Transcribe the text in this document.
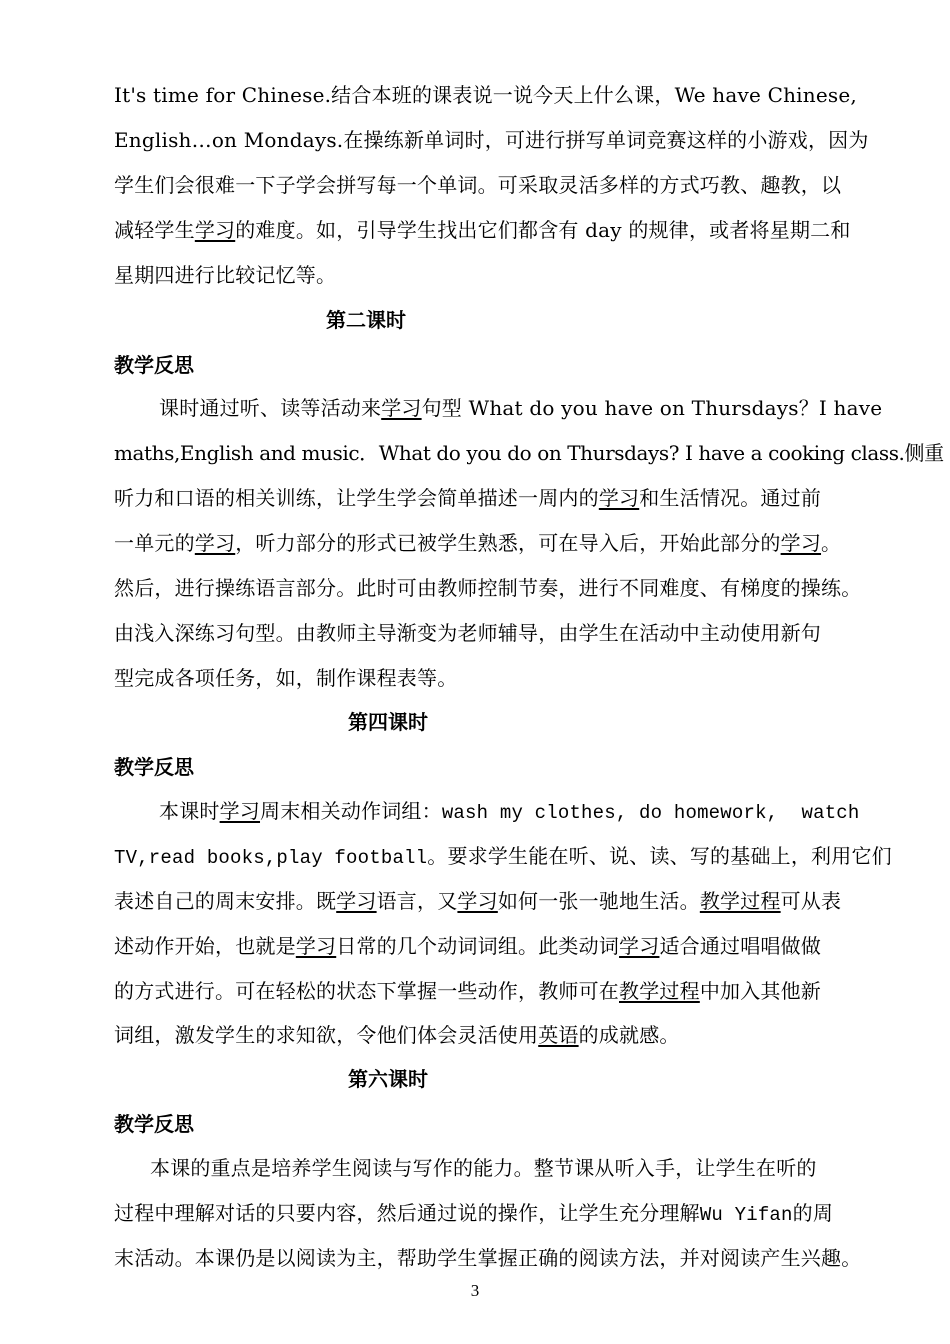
It's time for Chinese.结合本班的课表说一说今天上什么课，We have Chinese,
English…on Mondays.在操练新单词时，可进行拼写单词竞赛这样的小游戏，因为
学生们会很难一下子学会拼写每一个单词。可采取灵活多样的方式巧教、趣教，以
减轻学生学习的难度。如，引导学生找出它们都含有 day 的规律，或者将星期二和
星期四进行比较记忆等。
第二课时
教学反思
课时通过听、读等活动来学习句型 What do you have on Thursdays？I have
maths,English and music．What do you do on Thursdays? I have a cooking class.侧重
听力和口语的相关训练，让学生学会简单描述一周内的学习和生活情况。通过前
一单元的学习，听力部分的形式已被学生熟悉，可在导入后，开始此部分的学习。
然后，进行操练语言部分。此时可由教师控制节奏，进行不同难度、有梯度的操练。
由浅入深练习句型。由教师主导渐变为老师辅导，由学生在活动中主动使用新句
型完成各项任务，如，制作课程表等。
第四课时
教学反思
本课时学习周末相关动作词组：wash my clothes, do homework,  watch
TV,read books,play football。要求学生能在听、说、读、写的基础上，利用它们
表述自己的周末安排。既学习语言，又学习如何一张一驰地生活。教学过程可从表
述动作开始，也就是学习日常的几个动词词组。此类动词学习适合通过唱唱做做
的方式进行。可在轻松的状态下掌握一些动作，教师可在教学过程中加入其他新
词组，激发学生的求知欲，令他们体会灵活使用英语的成就感。
第六课时
教学反思
本课的重点是培养学生阅读与写作的能力。整节课从听入手，让学生在听的
过程中理解对话的只要内容，然后通过说的操作，让学生充分理解Wu Yifan的周
末活动。本课仍是以阅读为主，帮助学生掌握正确的阅读方法，并对阅读产生兴趣。
3
